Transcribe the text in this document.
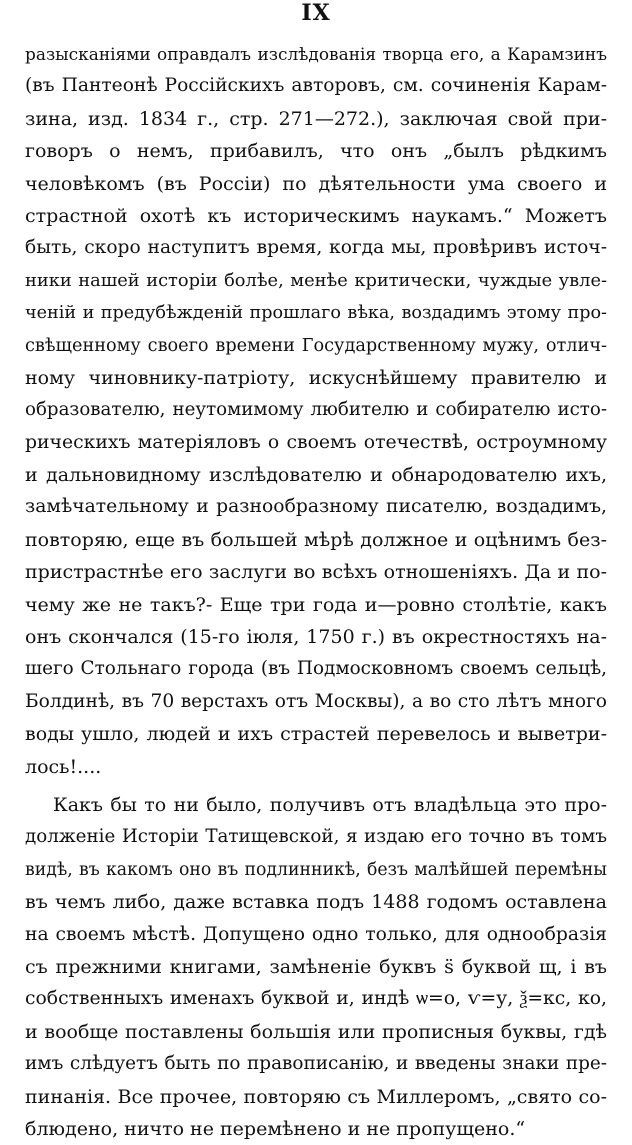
IX
разысканіями оправдалъ изслѣдованія творца его, а Карамзинъ
(въ Пантеонѣ Россійскихъ авторовъ, см. сочиненія Карам-
зина, изд. 1834 г., стр. 271—272.), заключая свой при-
говоръ о немъ, прибавилъ, что онъ „былъ рѣдкимъ
человѣкомъ (въ Россіи) по дѣятельности ума своего и
страстной охотѣ къ историческимъ наукамъ.“ Можетъ
быть, скоро наступитъ время, когда мы, провѣривъ источ-
ники нашей исторіи болѣе, менѣе критически, чуждые увле-
ченій и предубѣжденій прошлаго вѣка, воздадимъ этому про-
свѣщенному своего времени Государственному мужу, отлич-
ному чиновнику-патріоту, искуснѣйшему правителю и
образователю, неутомимому любителю и собирателю исто-
рическихъ матеріяловъ о своемъ отечествѣ, остроумному
и дальновидному изслѣдователю и обнародователю ихъ,
замѣчательному и разнообразному писателю, воздадимъ,
повторяю, еще въ большей мѣрѣ должное и оцѣнимъ без-
пристрастнѣе его заслуги во всѣхъ отношеніяхъ. Да и по-
чему же не такъ?- Еще три года и—ровно столѣтіе, какъ
онъ скончался (15-го іюля, 1750 г.) въ окрестностяхъ на-
шего Стольнаго города (въ Подмосковномъ своемъ сельцѣ,
Болдинѣ, въ 70 верстахъ отъ Москвы), а во сто лѣтъ много
воды ушло, людей и ихъ страстей перевелось и выветри-
лось!....
Какъ бы то ни было, получивъ отъ владѣльца это про-
долженіе Исторіи Татищевской, я издаю его точно въ томъ
видѣ, въ какомъ оно въ подлинникѣ, безъ малѣйшей перемѣны
въ чемъ либо, даже вставка подъ 1488 годомъ оставлена
на своемъ мѣстѣ. Допущено одно только, для однообразія
съ прежними книгами, замѣненіе буквъ ѕ̈ буквой щ, і въ
собственныхъ именахъ буквой и, индѣ ѡ=о, ѵ=у, ѯ=кс, ко,
и вообще поставлены большія или прописныя буквы, гдѣ
имъ слѣдуетъ быть по правописанію, и введены знаки пре-
пинанія. Все прочее, повторяю съ Миллеромъ, „свято со-
блюдено, ничто не перемѣнено и не пропущено.“
